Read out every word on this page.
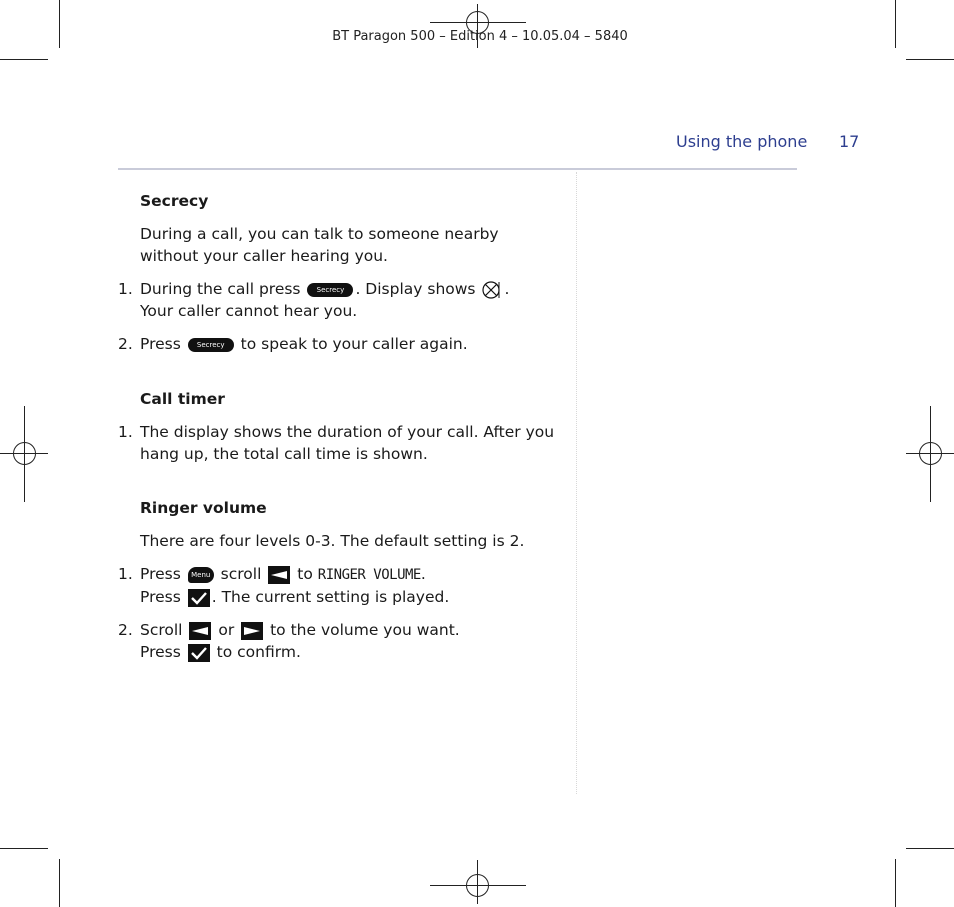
BT Paragon 500 – Edition 4 – 10.05.04 – 5840
Using the phone 17
Secrecy

During a call, you can talk to someone nearby without your caller hearing you.

1. During the call press Secrecy . Display shows .
Your caller cannot hear you.
2. Press Secrecy to speak to your caller again.
Call timer
1. The display shows the duration of your call. After you hang up, the total call time is shown.
Ringer volume

There are four levels 0-3. The default setting is 2.

1. Press Menu scroll to RINGER VOLUME.
Press . The current setting is played.
2. Scroll or to the volume you want.
Press to confirm.
